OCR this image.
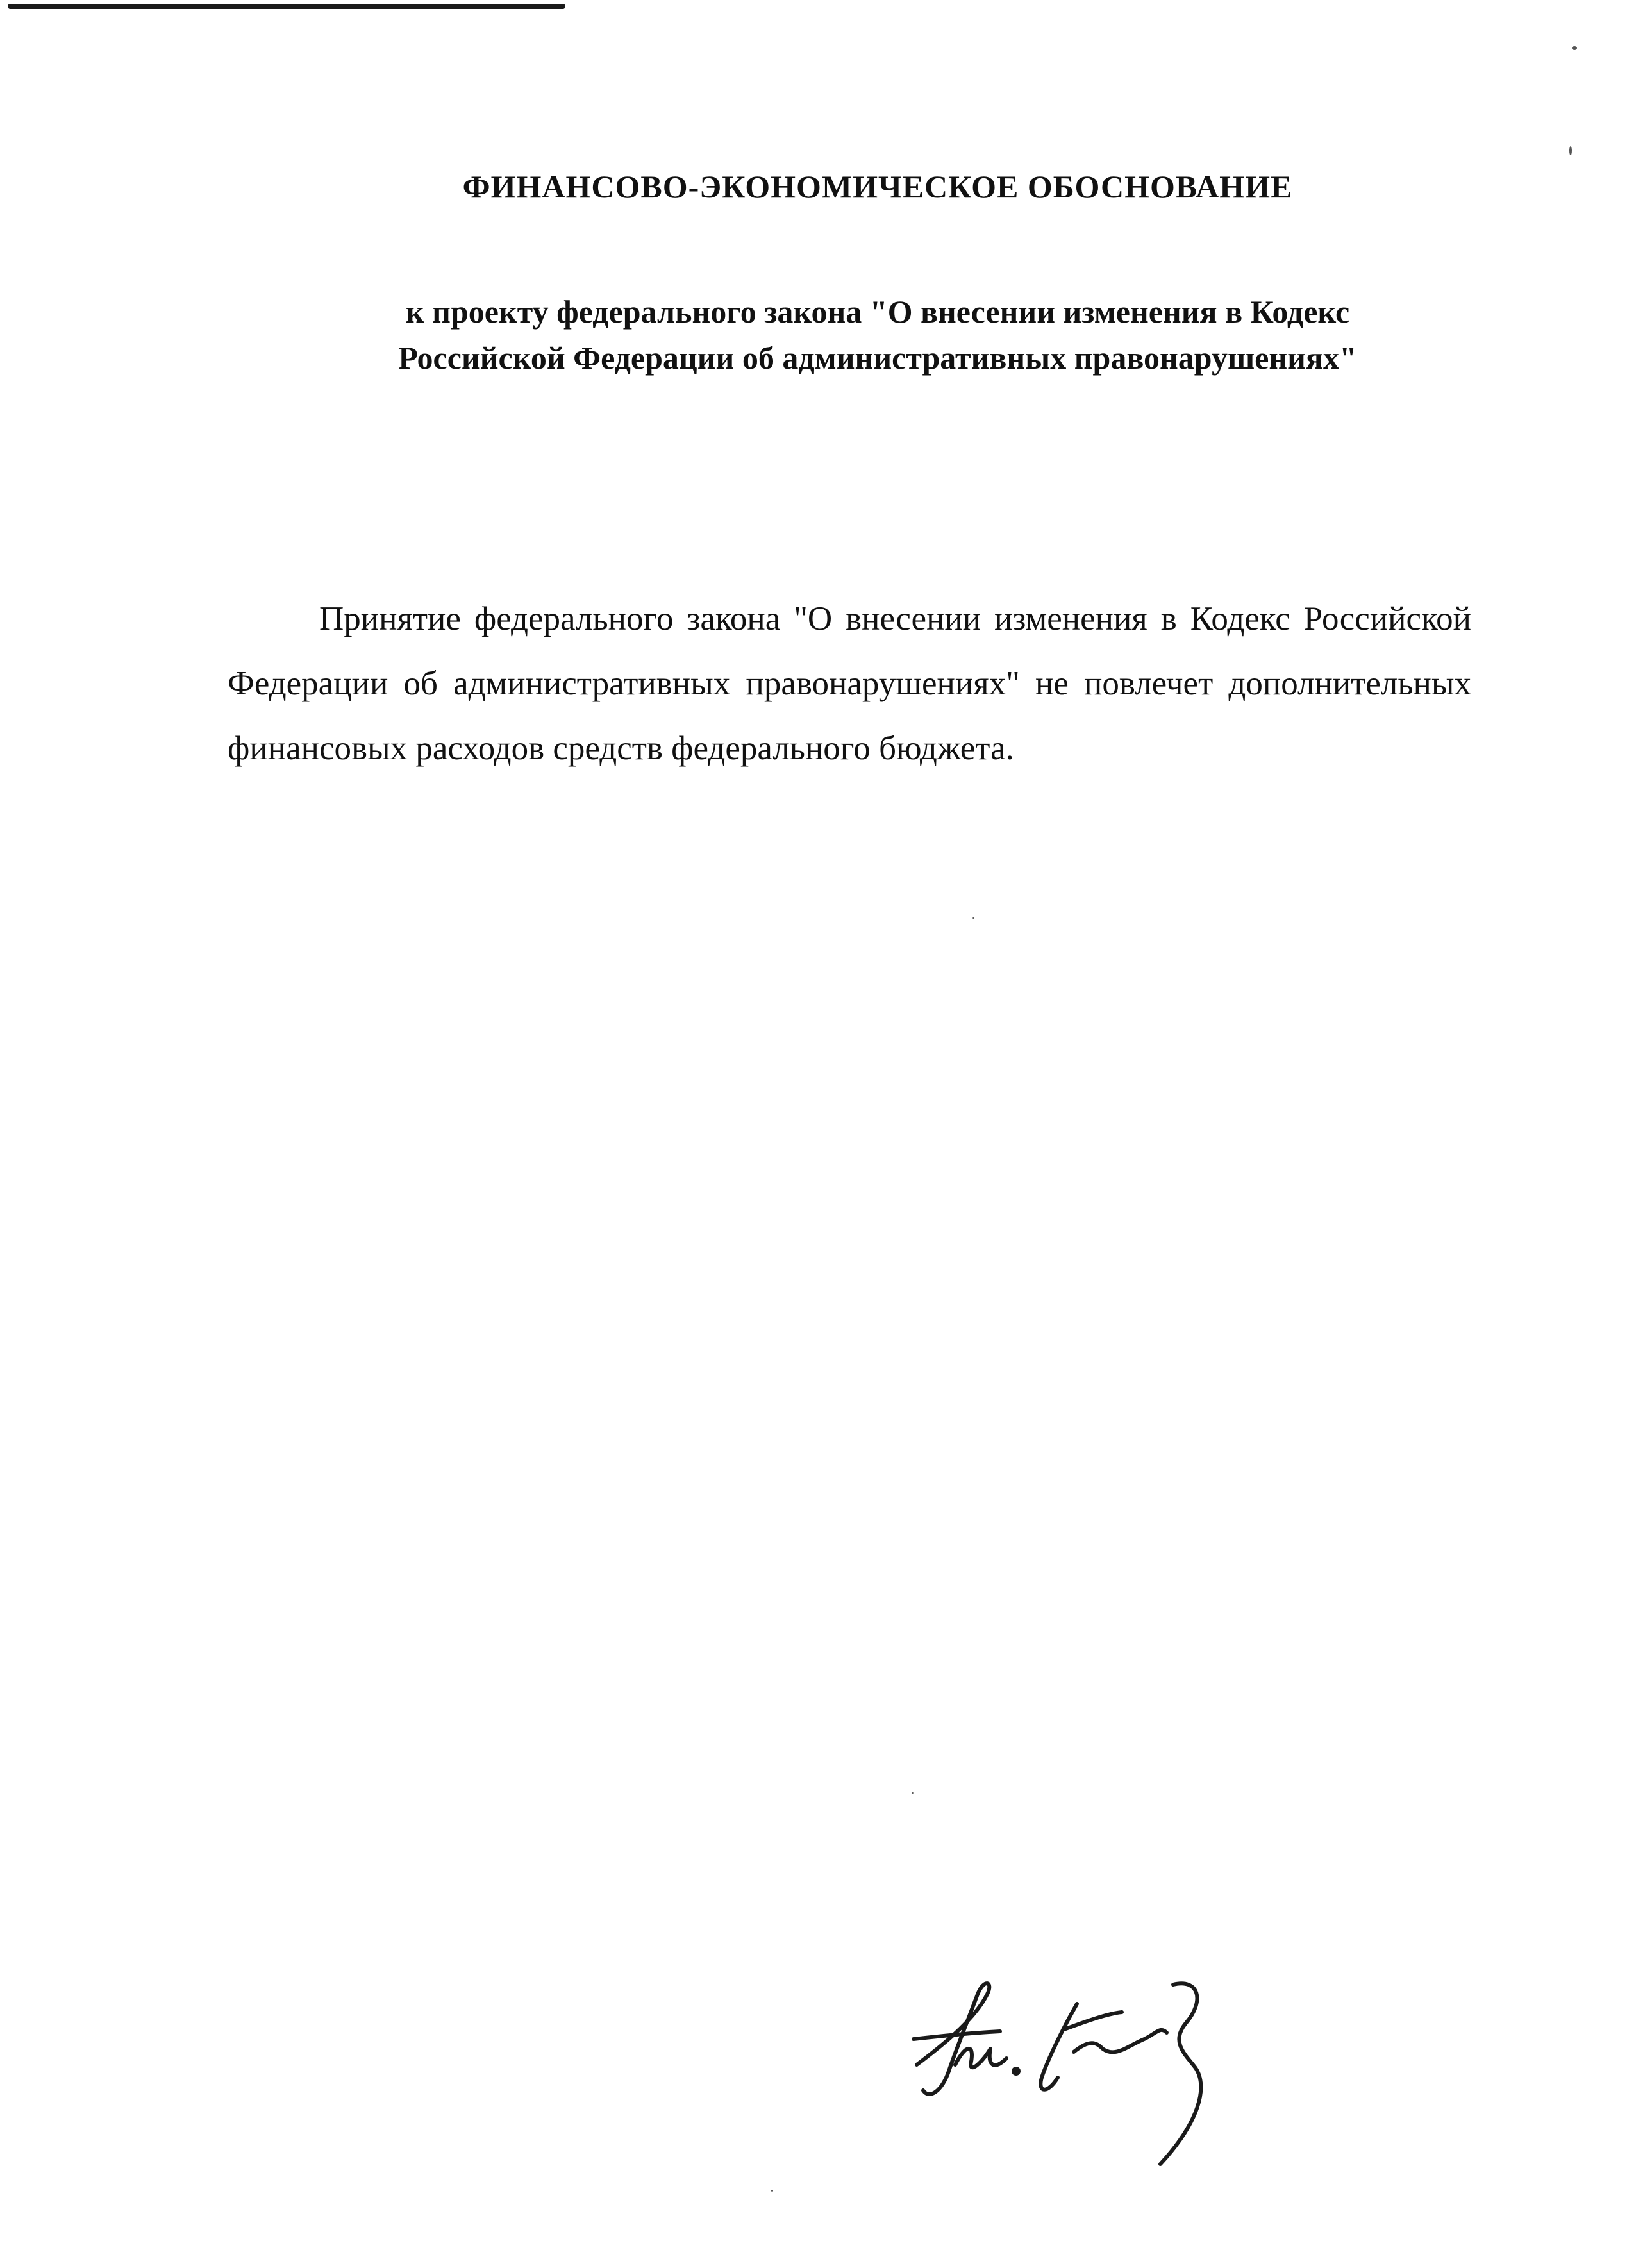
ФИНАНСОВО-ЭКОНОМИЧЕСКОЕ ОБОСНОВАНИЕ
к проекту федерального закона "О внесении изменения в Кодекс
Российской Федерации об административных правонарушениях"

Принятие федерального закона "О внесении изменения в Кодекс Российской Федерации об административных правонарушениях" не повлечет дополнительных финансовых расходов средств федерального бюджета.
